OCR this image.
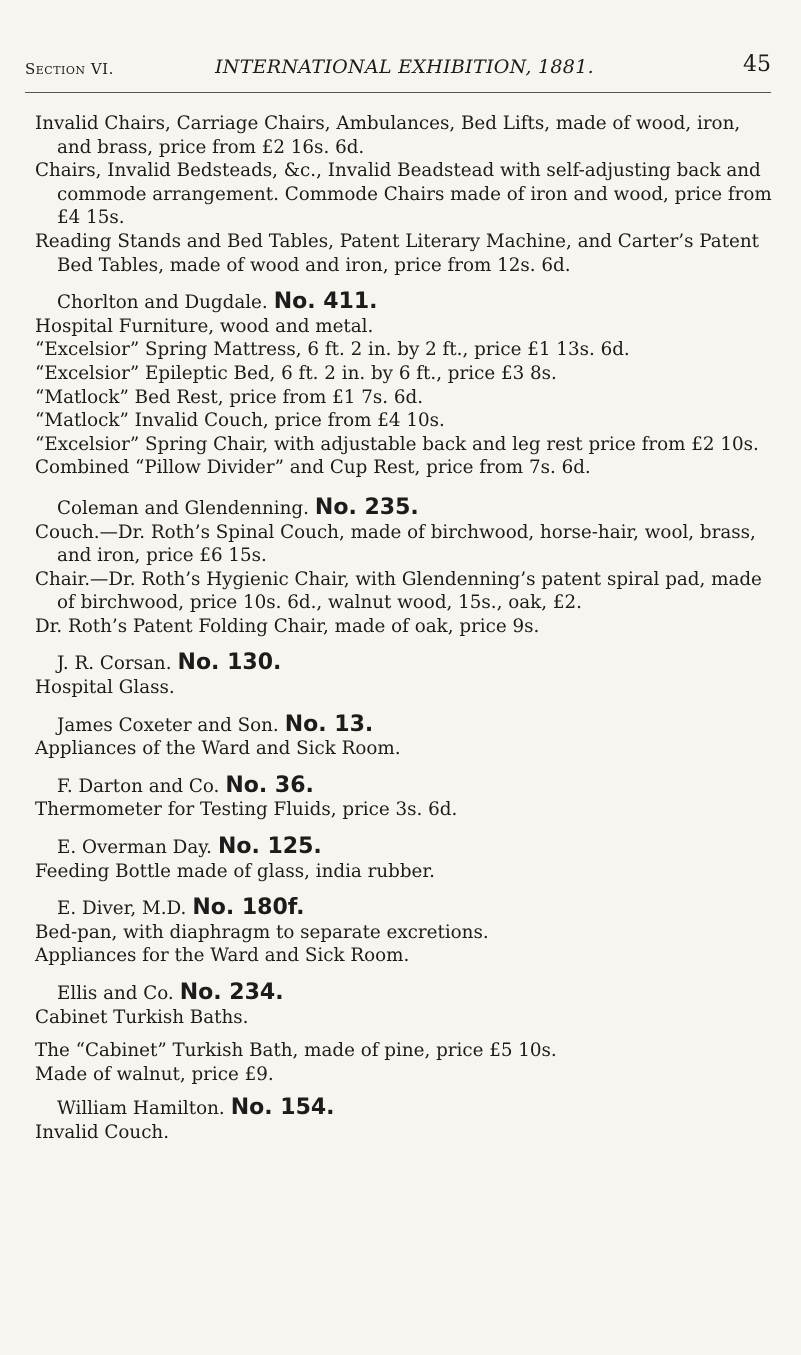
Section VI.	INTERNATIONAL EXHIBITION, 1881.	45

Invalid Chairs, Carriage Chairs, Ambulances, Bed Lifts, made of wood, iron, and brass, price from £2 16s. 6d.

Chairs, Invalid Bedsteads, &c., Invalid Beadstead with self-adjusting back and commode arrangement. Commode Chairs made of iron and wood, price from £4 15s.

Reading Stands and Bed Tables, Patent Literary Machine, and Carter’s Patent Bed Tables, made of wood and iron, price from 12s. 6d.

Chorlton and Dugdale. No. 411.

Hospital Furniture, wood and metal.

“Excelsior” Spring Mattress, 6 ft. 2 in. by 2 ft., price £1 13s. 6d.

“Excelsior” Epileptic Bed, 6 ft. 2 in. by 6 ft., price £3 8s.

“Matlock” Bed Rest, price from £1 7s. 6d.

“Matlock” Invalid Couch, price from £4 10s.

“Excelsior” Spring Chair, with adjustable back and leg rest price from £2 10s.

Combined “Pillow Divider” and Cup Rest, price from 7s. 6d.

Coleman and Glendenning. No. 235.

Couch.—Dr. Roth’s Spinal Couch, made of birchwood, horse-hair, wool, brass, and iron, price £6 15s.

Chair.—Dr. Roth’s Hygienic Chair, with Glendenning’s patent spiral pad, made of birchwood, price 10s. 6d., walnut wood, 15s., oak, £2.

Dr. Roth’s Patent Folding Chair, made of oak, price 9s.

J. R. Corsan. No. 130.

Hospital Glass.

James Coxeter and Son. No. 13.

Appliances of the Ward and Sick Room.

F. Darton and Co. No. 36.

Thermometer for Testing Fluids, price 3s. 6d.

E. Overman Day. No. 125.

Feeding Bottle made of glass, india rubber.

E. Diver, M.D. No. 180f.

Bed-pan, with diaphragm to separate excretions.

Appliances for the Ward and Sick Room.

Ellis and Co. No. 234.

Cabinet Turkish Baths.

The “Cabinet” Turkish Bath, made of pine, price £5 10s.

Made of walnut, price £9.

William Hamilton. No. 154.

Invalid Couch.
